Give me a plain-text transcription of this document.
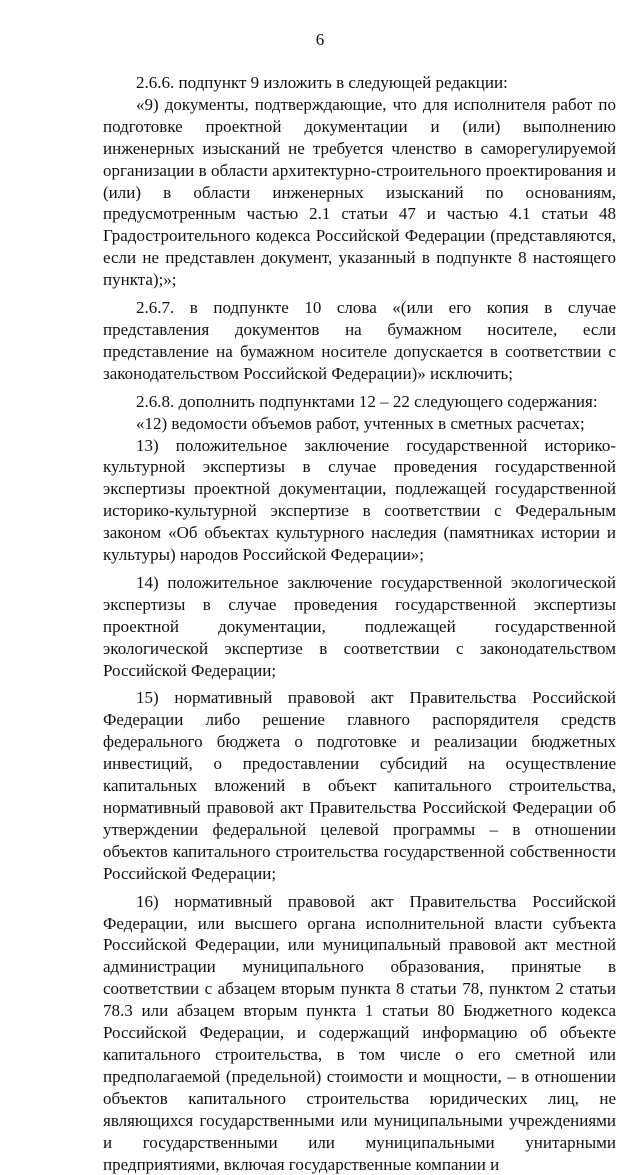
6

2.6.6. подпункт 9 изложить в следующей редакции:

«9) документы, подтверждающие, что для исполнителя работ по подготовке проектной документации и (или) выполнению инженерных изысканий не требуется членство в саморегулируемой организации в области архитектурно-строительного проектирования и (или) в области инженерных изысканий по основаниям, предусмотренным частью 2.1 статьи 47 и частью 4.1 статьи 48 Градостроительного кодекса Российской Федерации (представляются, если не представлен документ, указанный в подпункте 8 настоящего пункта);»;

2.6.7. в подпункте 10 слова «(или его копия в случае представления документов на бумажном носителе, если представление на бумажном носителе допускается в соответствии с законодательством Российской Федерации)» исключить;

2.6.8. дополнить подпунктами 12 – 22 следующего содержания:

«12) ведомости объемов работ, учтенных в сметных расчетах;

13) положительное заключение государственной историко-культурной экспертизы в случае проведения государственной экспертизы проектной документации, подлежащей государственной историко-культурной экспертизе в соответствии с Федеральным законом «Об объектах культурного наследия (памятниках истории и культуры) народов Российской Федерации»;

14) положительное заключение государственной экологической экспертизы в случае проведения государственной экспертизы проектной документации, подлежащей государственной экологической экспертизе в соответствии с законодательством Российской Федерации;

15) нормативный правовой акт Правительства Российской Федерации либо решение главного распорядителя средств федерального бюджета о подготовке и реализации бюджетных инвестиций, о предоставлении субсидий на осуществление капитальных вложений в объект капитального строительства, нормативный правовой акт Правительства Российской Федерации об утверждении федеральной целевой программы – в отношении объектов капитального строительства государственной собственности Российской Федерации;

16) нормативный правовой акт Правительства Российской Федерации, или высшего органа исполнительной власти субъекта Российской Федерации, или муниципальный правовой акт местной администрации муниципального образования, принятые в соответствии с абзацем вторым пункта 8 статьи 78, пунктом 2 статьи 78.3 или абзацем вторым пункта 1 статьи 80 Бюджетного кодекса Российской Федерации, и содержащий информацию об объекте капитального строительства, в том числе о его сметной или предполагаемой (предельной) стоимости и мощности, – в отношении объектов капитального строительства юридических лиц, не являющихся государственными или муниципальными учреждениями и государственными или муниципальными унитарными предприятиями, включая государственные компании и
